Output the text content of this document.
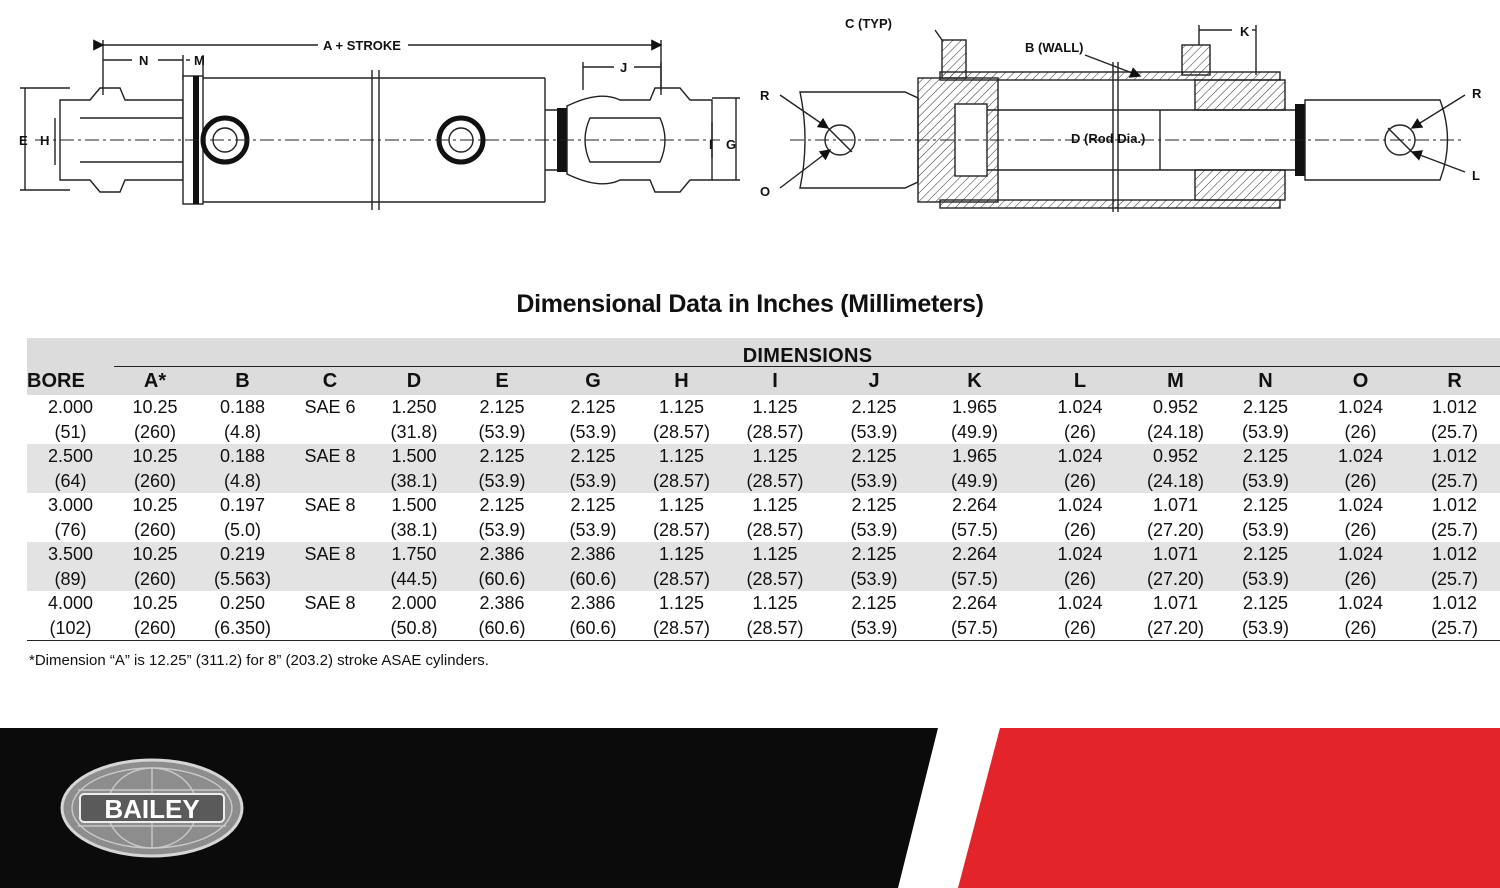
A + STROKE
N	M	J
E H	I G
C (TYP)
B (WALL)
K
D (Rod Dia.)
R
O
R
L
Dimensional Data in Inches (Millimeters)
	DIMENSIONS														
BORE	A*	B	C	D	E	G	H	I	J	K	L	M	N	O	R
2.000	10.25	0.188	SAE 6	1.250	2.125	2.125	1.125	1.125	2.125	1.965	1.024	0.952	2.125	1.024	1.012
(51)	(260)	(4.8)		(31.8)	(53.9)	(53.9)	(28.57)	(28.57)	(53.9)	(49.9)	(26)	(24.18)	(53.9)	(26)	(25.7)
2.500	10.25	0.188	SAE 8	1.500	2.125	2.125	1.125	1.125	2.125	1.965	1.024	0.952	2.125	1.024	1.012
(64)	(260)	(4.8)		(38.1)	(53.9)	(53.9)	(28.57)	(28.57)	(53.9)	(49.9)	(26)	(24.18)	(53.9)	(26)	(25.7)
3.000	10.25	0.197	SAE 8	1.500	2.125	2.125	1.125	1.125	2.125	2.264	1.024	1.071	2.125	1.024	1.012
(76)	(260)	(5.0)		(38.1)	(53.9)	(53.9)	(28.57)	(28.57)	(53.9)	(57.5)	(26)	(27.20)	(53.9)	(26)	(25.7)
3.500	10.25	0.219	SAE 8	1.750	2.386	2.386	1.125	1.125	2.125	2.264	1.024	1.071	2.125	1.024	1.012
(89)	(260)	(5.563)		(44.5)	(60.6)	(60.6)	(28.57)	(28.57)	(53.9)	(57.5)	(26)	(27.20)	(53.9)	(26)	(25.7)
4.000	10.25	0.250	SAE 8	2.000	2.386	2.386	1.125	1.125	2.125	2.264	1.024	1.071	2.125	1.024	1.012
(102)	(260)	(6.350)		(50.8)	(60.6)	(60.6)	(28.57)	(28.57)	(53.9)	(57.5)	(26)	(27.20)	(53.9)	(26)	(25.7)
*Dimension “A” is 12.25” (311.2) for 8” (203.2) stroke ASAE cylinders.
BAILEY
